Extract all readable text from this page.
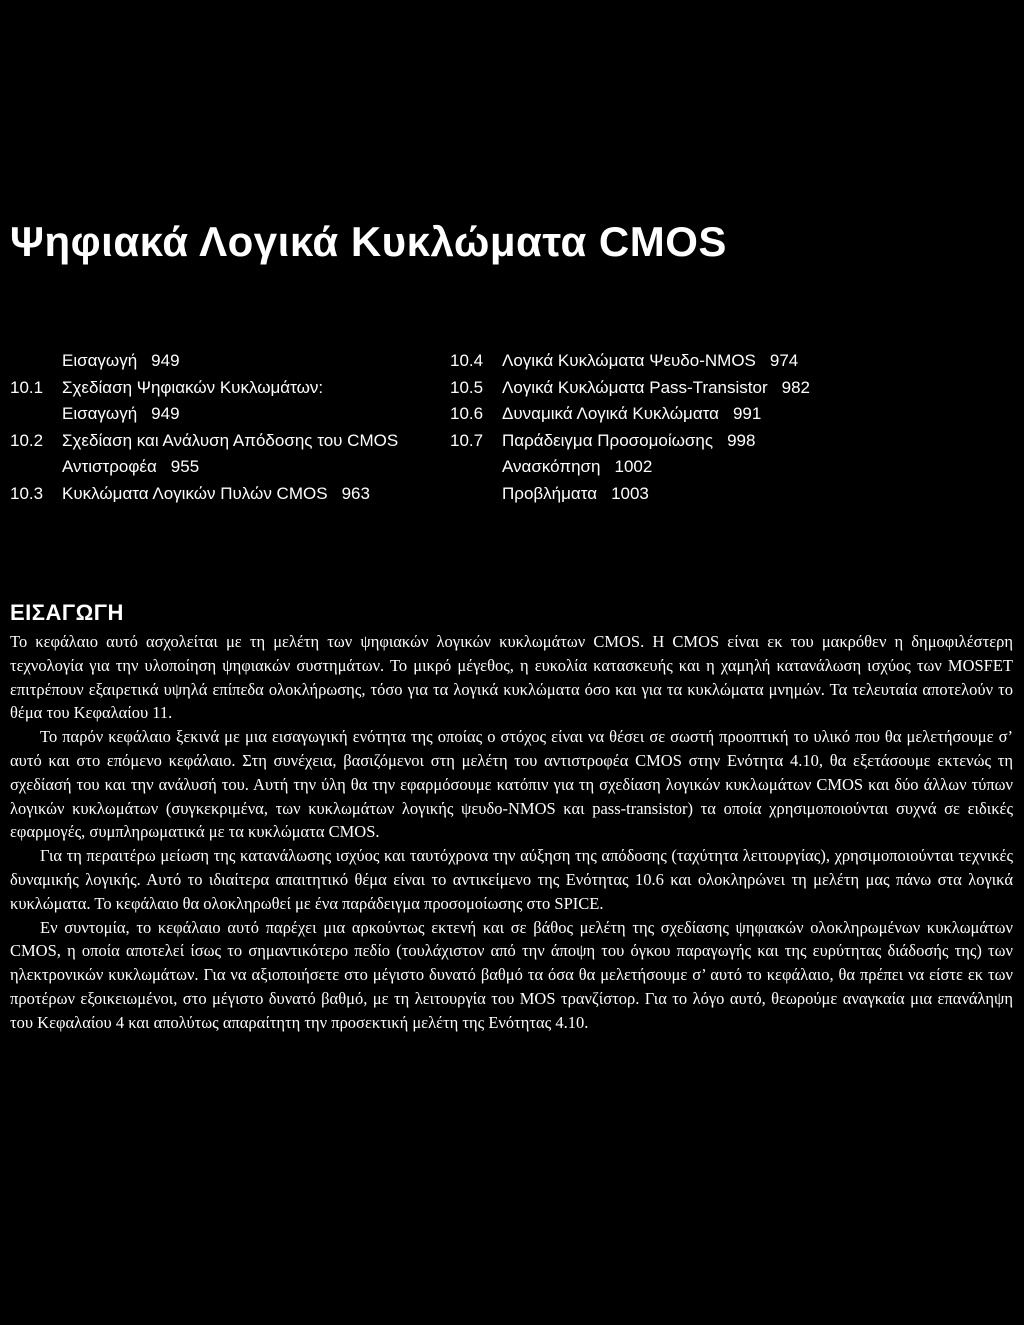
Ψηφιακά Λογικά Κυκλώματα CMOS
Εισαγωγή 949
10.1	Σχεδίαση Ψηφιακών Κυκλωμάτων:
Εισαγωγή 949
10.2	Σχεδίαση και Ανάλυση Απόδοσης του CMOS
Αντιστροφέα 955
10.3	Κυκλώματα Λογικών Πυλών CMOS 963
10.4	Λογικά Κυκλώματα Ψευδο-NMOS 974
10.5	Λογικά Κυκλώματα Pass-Transistor 982
10.6	Δυναμικά Λογικά Κυκλώματα 991
10.7	Παράδειγμα Προσομοίωσης 998
Ανασκόπηση 1002
Προβλήματα 1003
ΕΙΣΑΓΩΓΗ

Το κεφάλαιο αυτό ασχολείται με τη μελέτη των ψηφιακών λογικών κυκλωμάτων CMOS. Η CMOS είναι εκ του μακρόθεν η δημοφιλέστερη τεχνολογία για την υλοποίηση ψηφιακών συστημάτων. Το μικρό μέγεθος, η ευκολία κατασκευής και η χαμηλή κατανάλωση ισχύος των MOSFET επιτρέπουν εξαιρετικά υψηλά επίπεδα ολοκλήρωσης, τόσο για τα λογικά κυκλώματα όσο και για τα κυκλώματα μνημών. Τα τελευταία αποτελούν το θέμα του Κεφαλαίου 11.

Το παρόν κεφάλαιο ξεκινά με μια εισαγωγική ενότητα της οποίας ο στόχος είναι να θέσει σε σωστή προοπτική το υλικό που θα μελετήσουμε σ’ αυτό και στο επόμενο κεφάλαιο. Στη συνέχεια, βασιζόμενοι στη μελέτη του αντιστροφέα CMOS στην Ενότητα 4.10, θα εξετάσουμε εκτενώς τη σχεδίασή του και την ανάλυσή του. Αυτή την ύλη θα την εφαρμόσουμε κατόπιν για τη σχεδίαση λογικών κυκλωμάτων CMOS και δύο άλλων τύπων λογικών κυκλωμάτων (συγκεκριμένα, των κυκλωμάτων λογικής ψευδο-NMOS και pass-transistor) τα οποία χρησιμοποιούνται συχνά σε ειδικές εφαρμογές, συμπληρωματικά με τα κυκλώματα CMOS.

Για τη περαιτέρω μείωση της κατανάλωσης ισχύος και ταυτόχρονα την αύξηση της απόδοσης (ταχύτητα λειτουργίας), χρησιμοποιούνται τεχνικές δυναμικής λογικής. Αυτό το ιδιαίτερα απαιτητικό θέμα είναι το αντικείμενο της Ενότητας 10.6 και ολοκληρώνει τη μελέτη μας πάνω στα λογικά κυκλώματα. Το κεφάλαιο θα ολοκληρωθεί με ένα παράδειγμα προσομοίωσης στο SPICE.

Εν συντομία, το κεφάλαιο αυτό παρέχει μια αρκούντως εκτενή και σε βάθος μελέτη της σχεδίασης ψηφιακών ολοκληρωμένων κυκλωμάτων CMOS, η οποία αποτελεί ίσως το σημαντικότερο πεδίο (τουλάχιστον από την άποψη του όγκου παραγωγής και της ευρύτητας διάδοσής της) των ηλεκτρονικών κυκλωμάτων. Για να αξιοποιήσετε στο μέγιστο δυνατό βαθμό τα όσα θα μελετήσουμε σ’ αυτό το κεφάλαιο, θα πρέπει να είστε εκ των προτέρων εξοικειωμένοι, στο μέγιστο δυνατό βαθμό, με τη λειτουργία του MOS τρανζίστορ. Για το λόγο αυτό, θεωρούμε αναγκαία μια επανάληψη του Κεφαλαίου 4 και απολύτως απαραίτητη την προσεκτική μελέτη της Ενότητας 4.10.
